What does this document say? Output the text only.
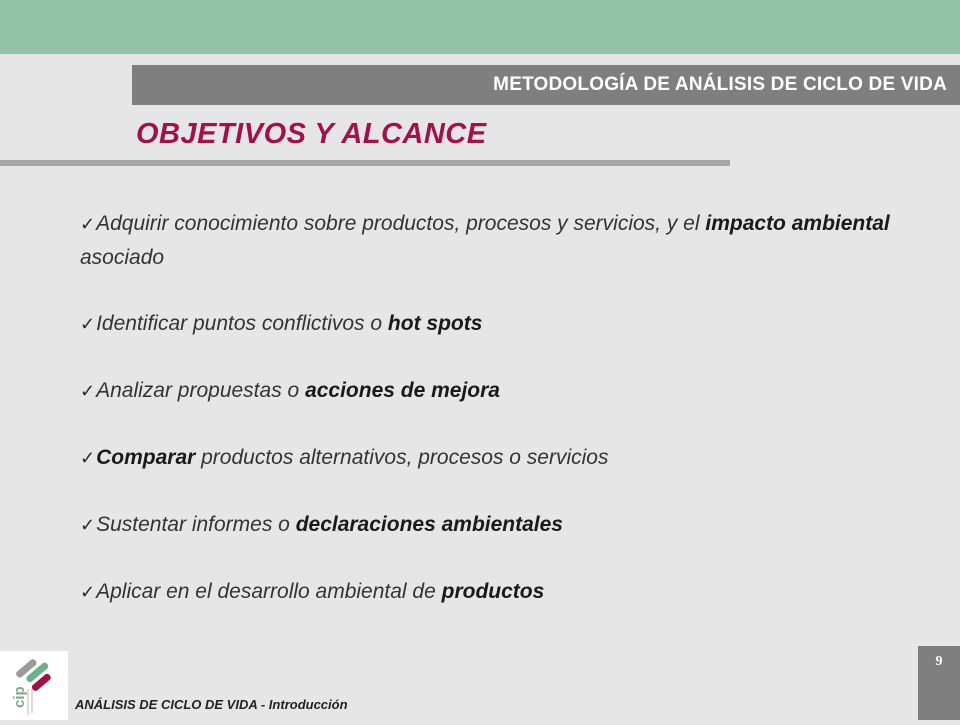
METODOLOGÍA DE ANÁLISIS DE CICLO DE VIDA
OBJETIVOS Y ALCANCE
✓Adquirir conocimiento sobre productos, procesos y servicios, y el impacto ambiental asociado
✓Identificar puntos conflictivos o hot spots
✓Analizar propuestas o acciones de mejora
✓Comparar productos alternativos, procesos o servicios
✓Sustentar informes o declaraciones ambientales
✓Aplicar en el desarrollo ambiental de productos
cip	ANÁLISIS DE CICLO DE VIDA - Introducción
9
